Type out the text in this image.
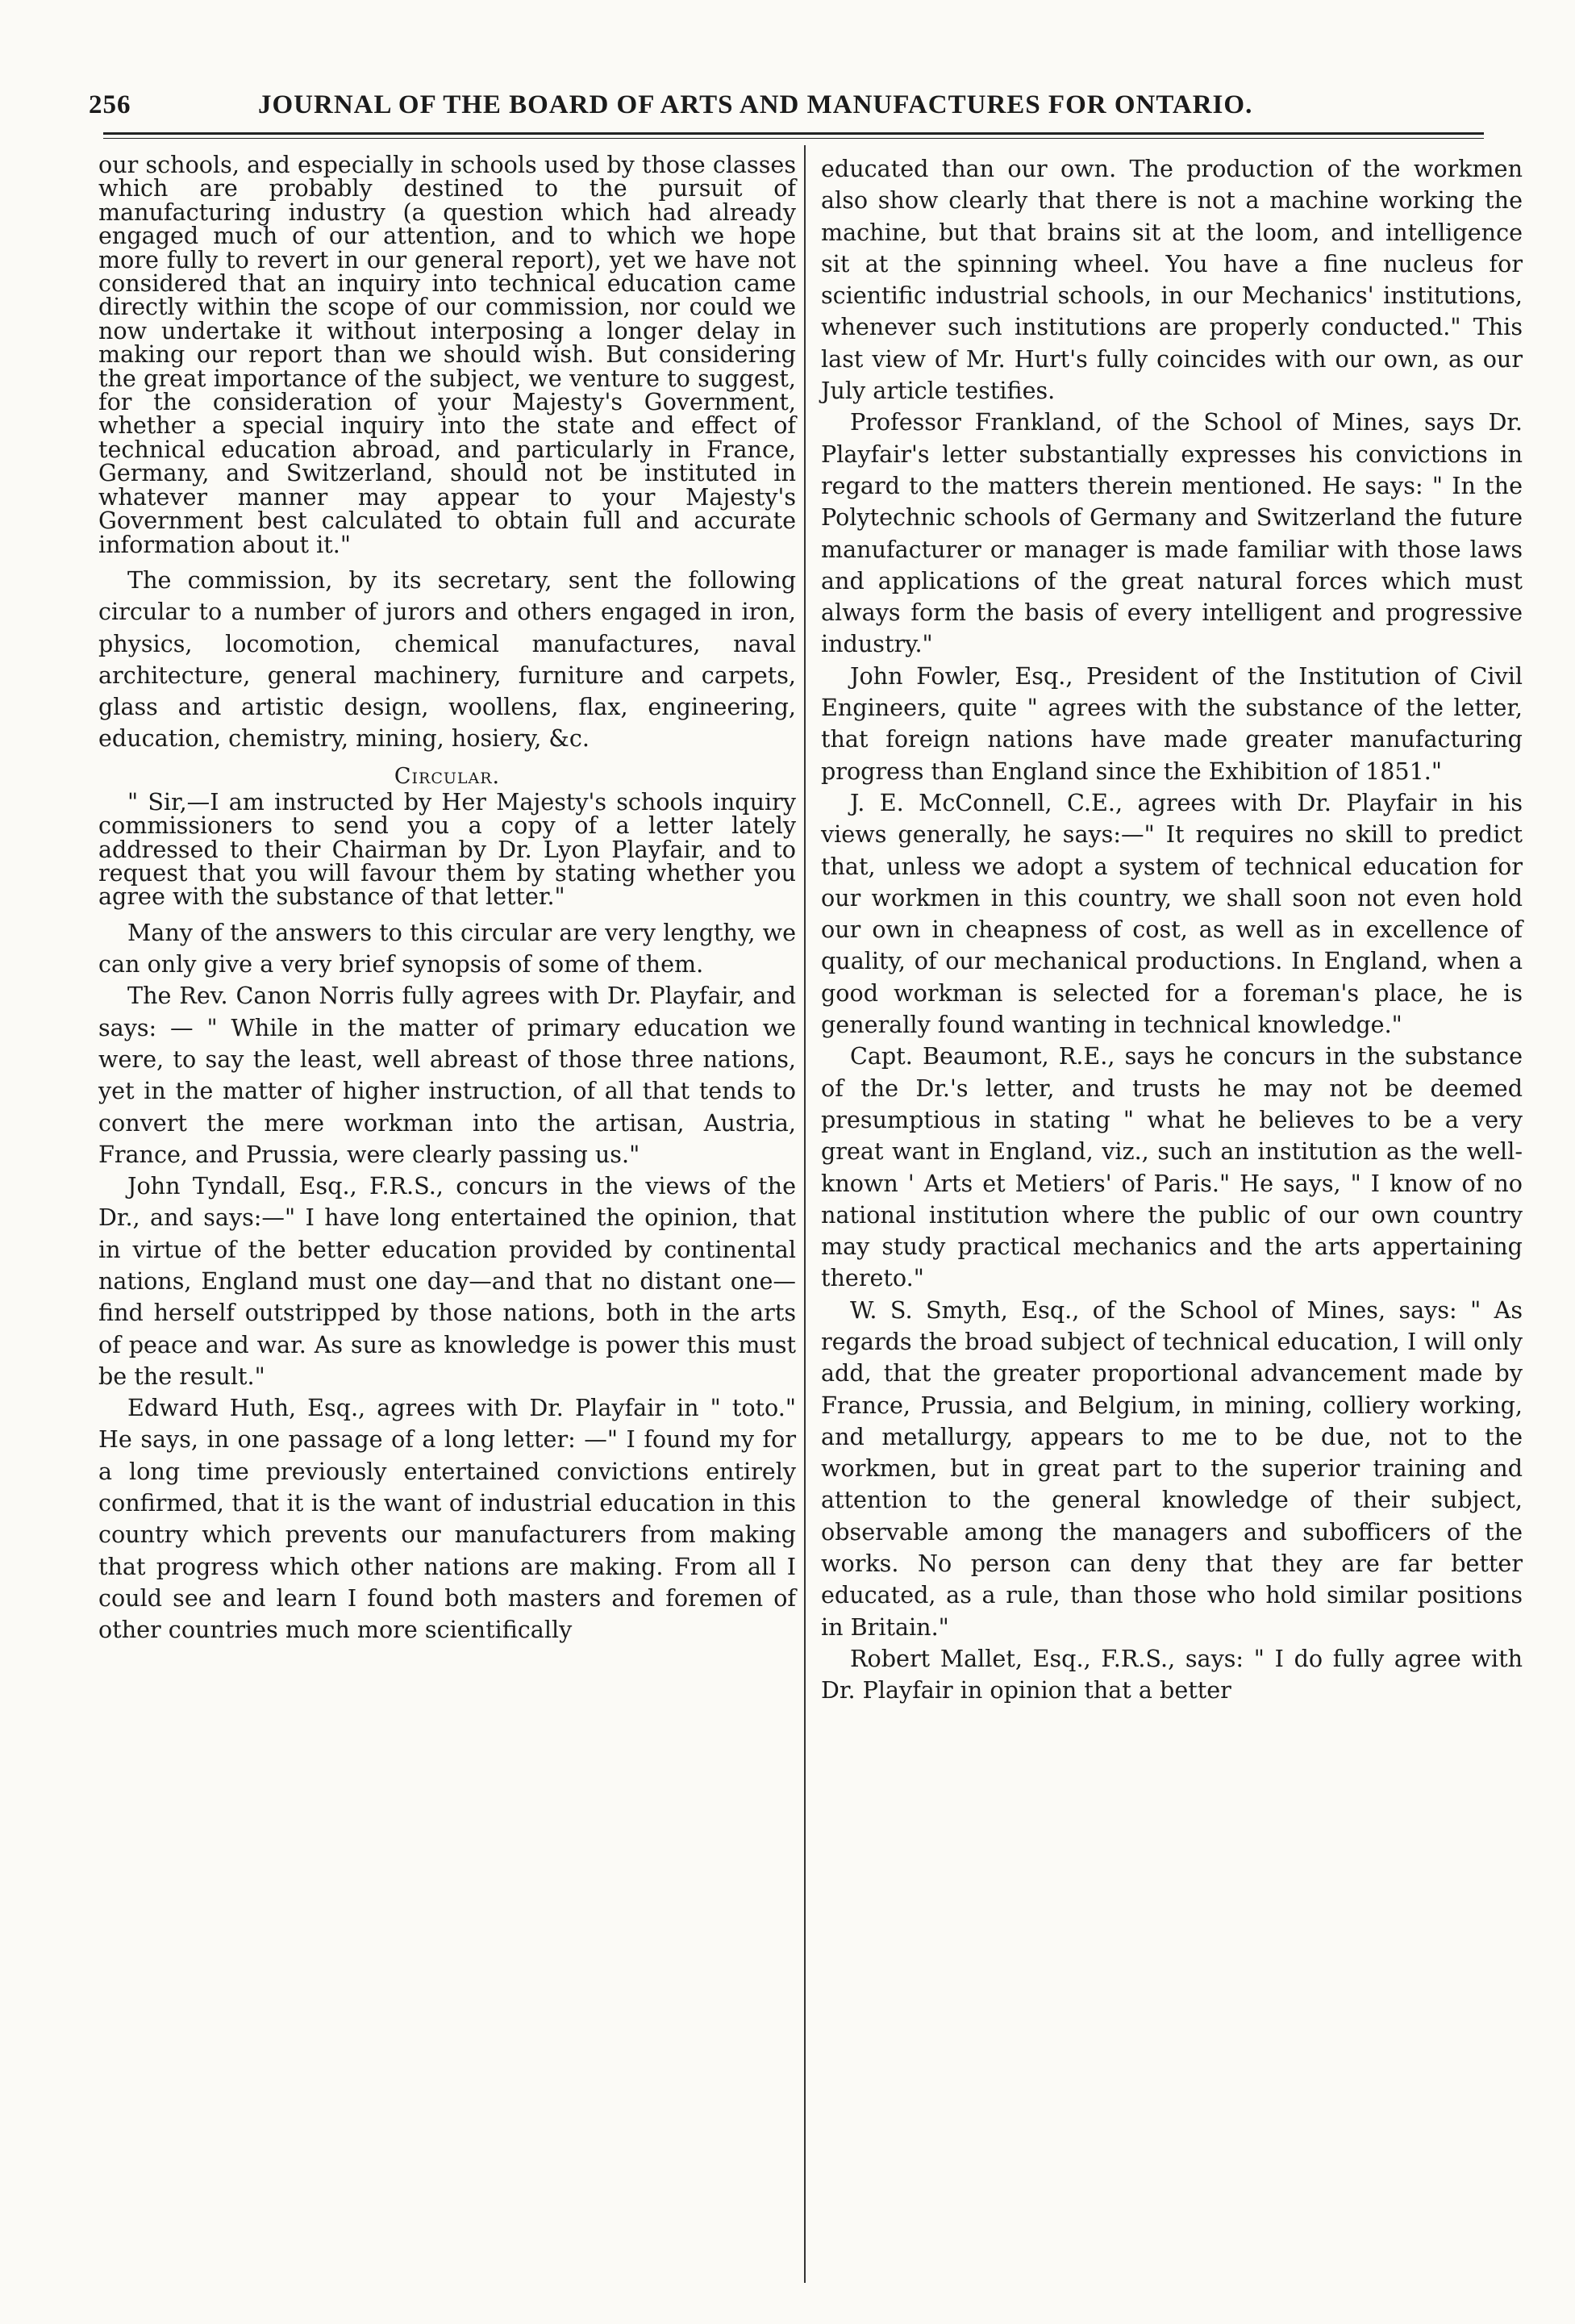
256	JOURNAL OF THE BOARD OF ARTS AND MANUFACTURES FOR ONTARIO.

our schools, and especially in schools used by those classes which are probably destined to the pursuit of manufacturing industry (a question which had already engaged much of our attention, and to which we hope more fully to revert in our general report), yet we have not considered that an inquiry into technical education came directly within the scope of our commission, nor could we now undertake it without interposing a longer delay in making our report than we should wish. But considering the great importance of the subject, we venture to suggest, for the consideration of your Majesty's Government, whether a special inquiry into the state and effect of technical education abroad, and particularly in France, Germany, and Switzerland, should not be instituted in whatever manner may appear to your Majesty's Government best calculated to obtain full and accurate information about it."

The commission, by its secretary, sent the following circular to a number of jurors and others engaged in iron, physics, locomotion, chemical manufactures, naval architecture, general machinery, furniture and carpets, glass and artistic design, woollens, flax, engineering, education, chemistry, mining, hosiery, &c.

Circular.

" Sir,—I am instructed by Her Majesty's schools inquiry commissioners to send you a copy of a letter lately addressed to their Chairman by Dr. Lyon Playfair, and to request that you will favour them by stating whether you agree with the substance of that letter."

Many of the answers to this circular are very lengthy, we can only give a very brief synopsis of some of them.

The Rev. Canon Norris fully agrees with Dr. Playfair, and says: — " While in the matter of primary education we were, to say the least, well abreast of those three nations, yet in the matter of higher instruction, of all that tends to convert the mere workman into the artisan, Austria, France, and Prussia, were clearly passing us."

John Tyndall, Esq., F.R.S., concurs in the views of the Dr., and says:—" I have long entertained the opinion, that in virtue of the better education provided by continental nations, England must one day—and that no distant one—find herself outstripped by those nations, both in the arts of peace and war. As sure as knowledge is power this must be the result."

Edward Huth, Esq., agrees with Dr. Playfair in " toto." He says, in one passage of a long letter: —" I found my for a long time previously entertained convictions entirely confirmed, that it is the want of industrial education in this country which prevents our manufacturers from making that progress which other nations are making. From all I could see and learn I found both masters and foremen of other countries much more scientifically

educated than our own. The production of the workmen also show clearly that there is not a machine working the machine, but that brains sit at the loom, and intelligence sit at the spinning wheel. You have a fine nucleus for scientific industrial schools, in our Mechanics' institutions, whenever such institutions are properly conducted." This last view of Mr. Hurt's fully coincides with our own, as our July article testifies.

Professor Frankland, of the School of Mines, says Dr. Playfair's letter substantially expresses his convictions in regard to the matters therein mentioned. He says: " In the Polytechnic schools of Germany and Switzerland the future manufacturer or manager is made familiar with those laws and applications of the great natural forces which must always form the basis of every intelligent and progressive industry."

John Fowler, Esq., President of the Institution of Civil Engineers, quite " agrees with the substance of the letter, that foreign nations have made greater manufacturing progress than England since the Exhibition of 1851."

J. E. McConnell, C.E., agrees with Dr. Playfair in his views generally, he says:—" It requires no skill to predict that, unless we adopt a system of technical education for our workmen in this country, we shall soon not even hold our own in cheapness of cost, as well as in excellence of quality, of our mechanical productions. In England, when a good workman is selected for a foreman's place, he is generally found wanting in technical knowledge."

Capt. Beaumont, R.E., says he concurs in the substance of the Dr.'s letter, and trusts he may not be deemed presumptious in stating " what he believes to be a very great want in England, viz., such an institution as the well-known ' Arts et Metiers' of Paris." He says, " I know of no national institution where the public of our own country may study practical mechanics and the arts appertaining thereto."

W. S. Smyth, Esq., of the School of Mines, says: " As regards the broad subject of technical education, I will only add, that the greater proportional advancement made by France, Prussia, and Belgium, in mining, colliery working, and metallurgy, appears to me to be due, not to the workmen, but in great part to the superior training and attention to the general knowledge of their subject, observable among the managers and subofficers of the works. No person can deny that they are far better educated, as a rule, than those who hold similar positions in Britain."

Robert Mallet, Esq., F.R.S., says: " I do fully agree with Dr. Playfair in opinion that a better
